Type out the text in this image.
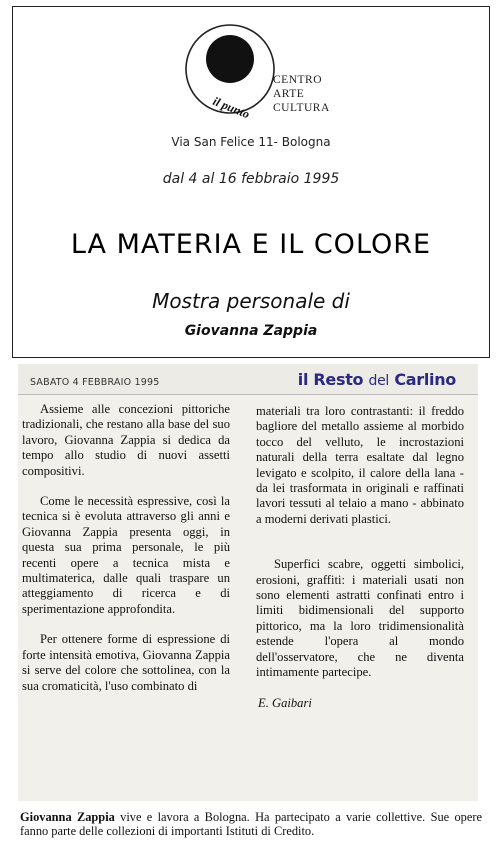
il punto
CENTRO
ARTE
CULTURA
Via San Felice 11- Bologna
dal 4 al 16 febbraio 1995
LA MATERIA E IL COLORE
Mostra personale di
Giovanna Zappia
SABATO 4 FEBBRAIO 1995	il Resto del Carlino

Assieme alle concezioni pittoriche tradizionali, che restano alla base del suo lavoro, Giovanna Zappia si dedica da tempo allo studio di nuovi assetti compositivi.

Come le necessità espressive, così la tecnica si è evoluta attraverso gli anni e Giovanna Zappia presenta oggi, in questa sua prima personale, le più recenti opere a tecnica mista e multimaterica, dalle quali traspare un atteggiamento di ricerca e di sperimentazione approfondita.

Per ottenere forme di espressione di forte intensità emotiva, Giovanna Zappia si serve del colore che sottolinea, con la sua cromaticità, l'uso combinato di

materiali tra loro contrastanti: il freddo bagliore del metallo assieme al morbido tocco del velluto, le incrostazioni naturali della terra esaltate dal legno levigato e scolpito, il calore della lana - da lei trasformata in originali e raffinati lavori tessuti al telaio a mano - abbinato a moderni derivati plastici.

Superfici scabre, oggetti simbolici, erosioni, graffiti: i materiali usati non sono elementi astratti confinati entro i limiti bidimensionali del supporto pittorico, ma la loro tridimensionalità estende l'opera al mondo dell'osservatore, che ne diventa intimamente partecipe.

E. Gaibari

Giovanna Zappia vive e lavora a Bologna. Ha partecipato a varie collettive. Sue opere fanno parte delle collezioni di importanti Istituti di Credito.
